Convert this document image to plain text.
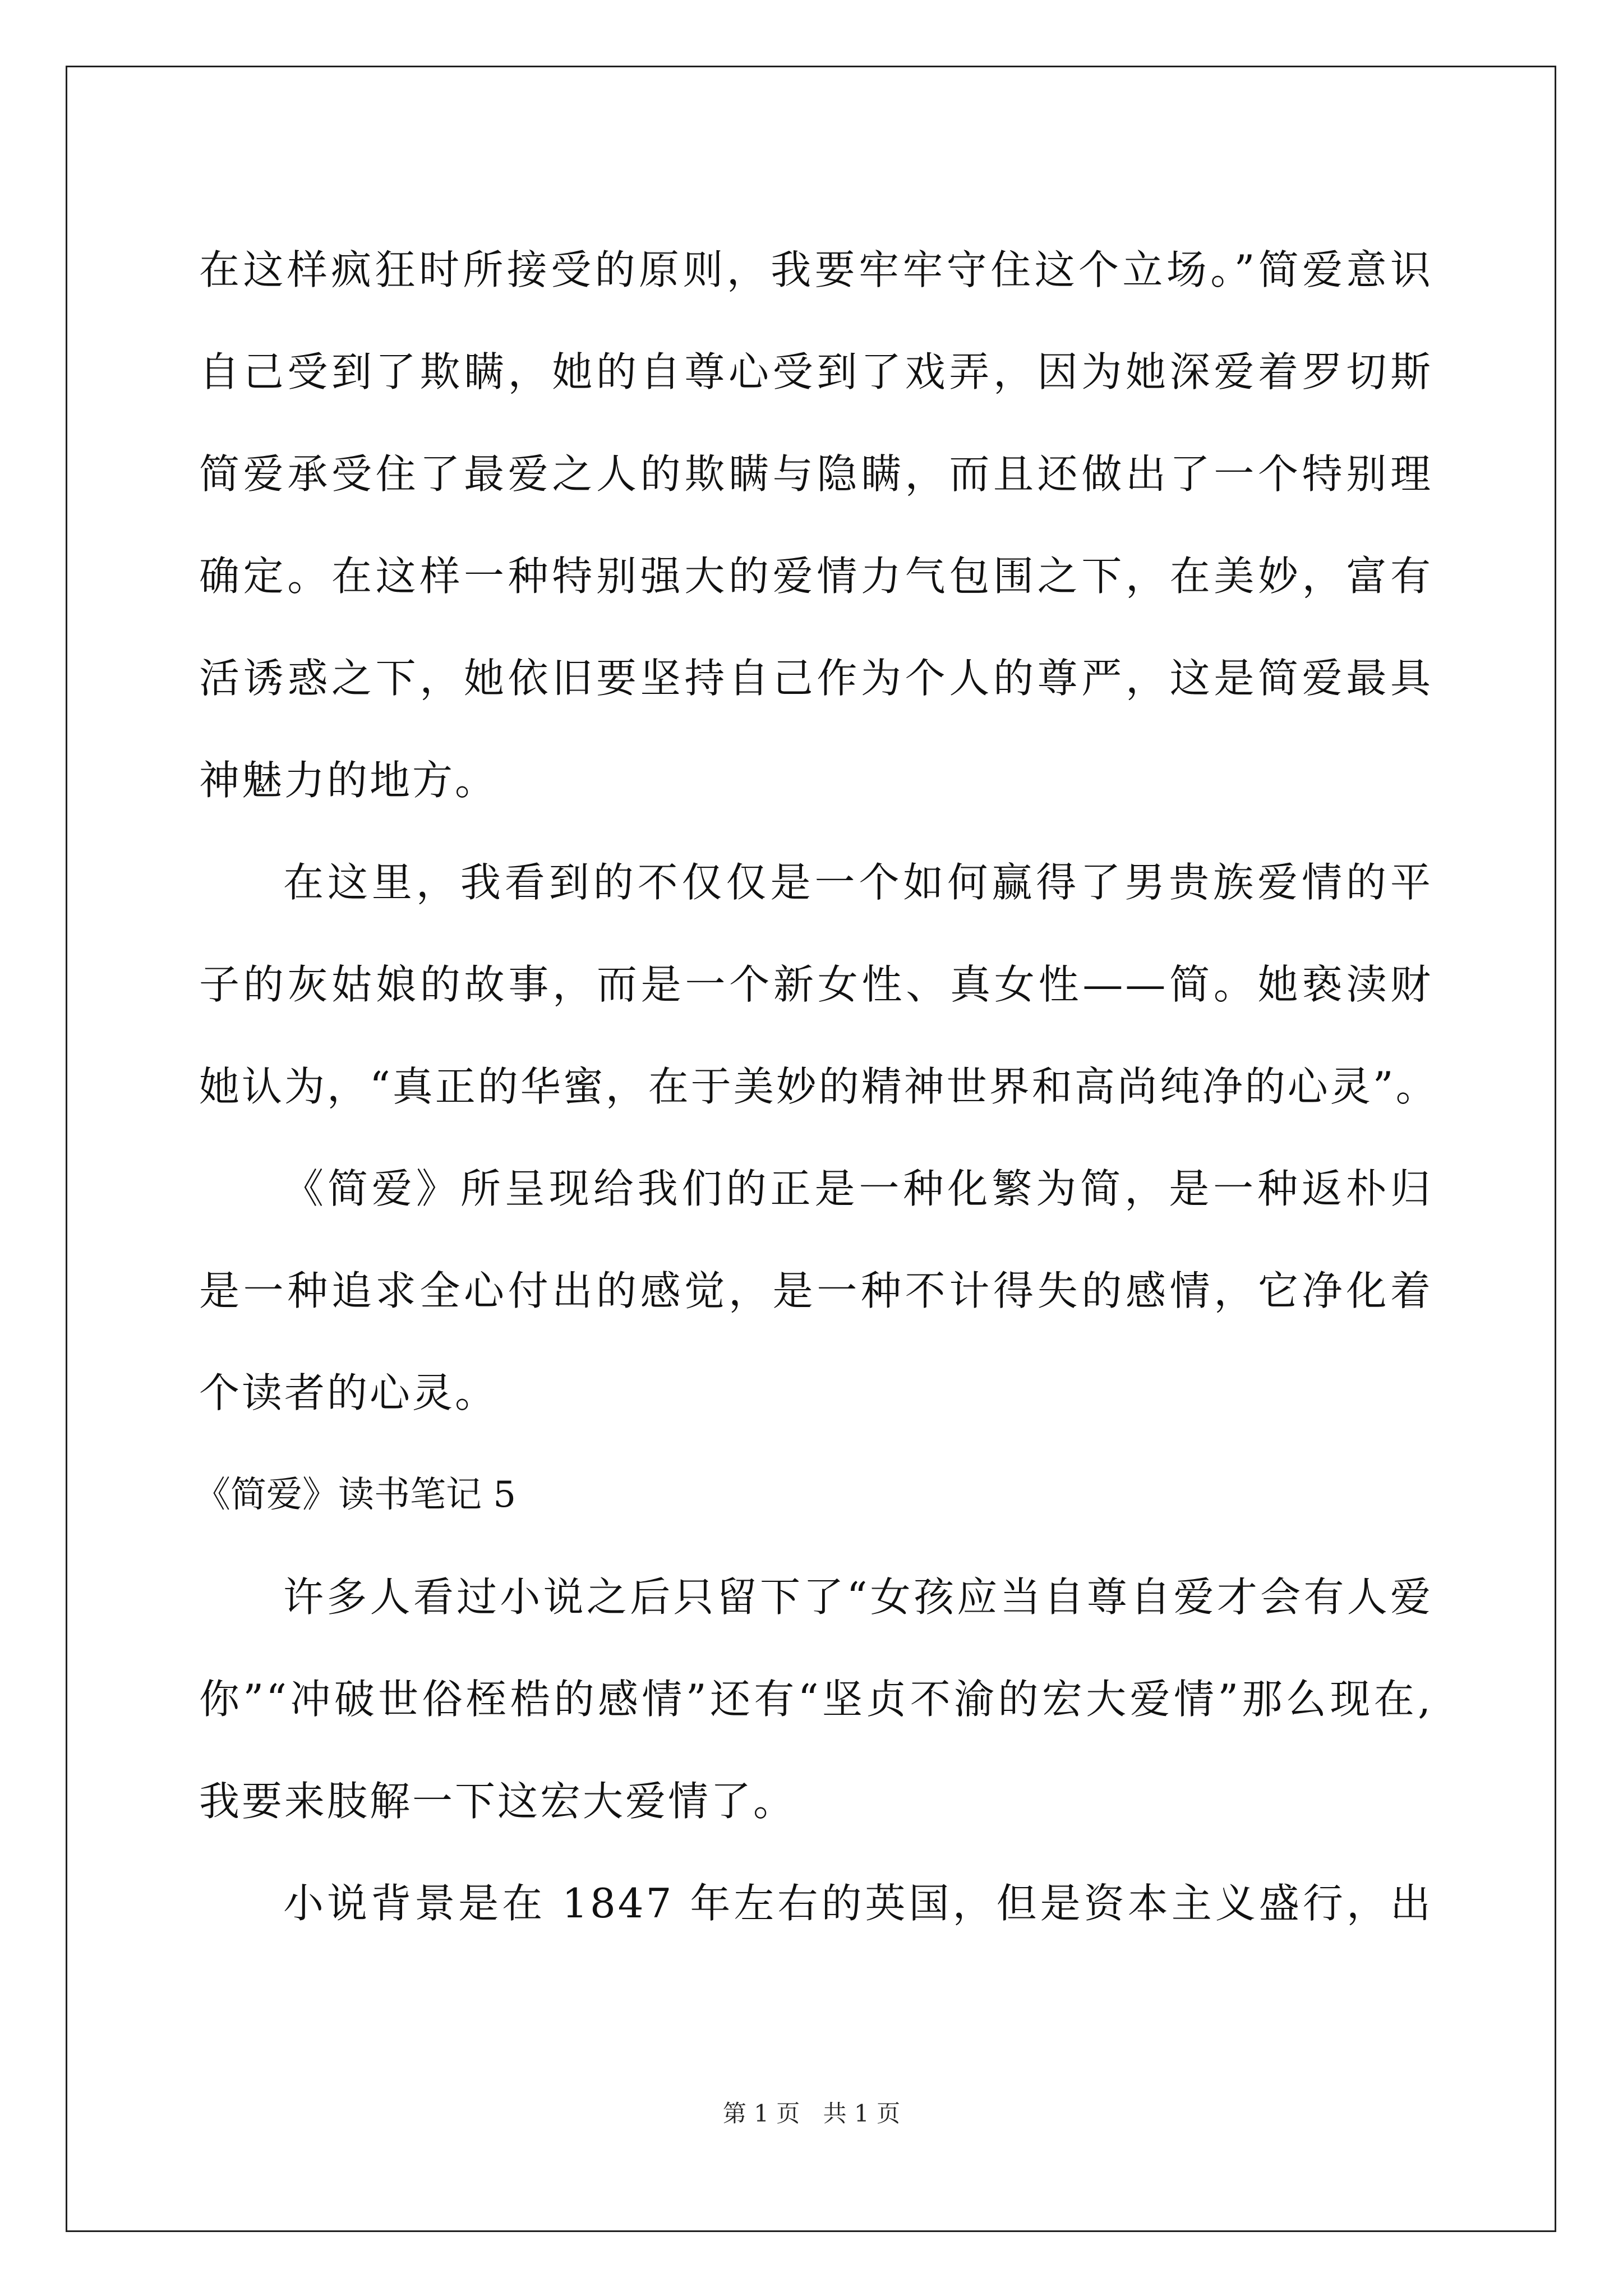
在这样疯狂时所接受的原则，我要牢牢守住这个立场。”简爱意识
自己受到了欺瞒，她的自尊心受到了戏弄，因为她深爱着罗切斯
简爱承受住了最爱之人的欺瞒与隐瞒，而且还做出了一个特别理
确定。在这样一种特别强大的爱情力气包围之下，在美妙，富有
活诱惑之下，她依旧要坚持自己作为个人的尊严，这是简爱最具
神魅力的地方。
在这里，我看到的不仅仅是一个如何赢得了男贵族爱情的平
子的灰姑娘的故事，而是一个新女性、真女性——简。她亵渎财
她认为，“真正的华蜜，在于美妙的精神世界和高尚纯净的心灵”。
《简爱》所呈现给我们的正是一种化繁为简，是一种返朴归
是一种追求全心付出的感觉，是一种不计得失的感情，它净化着
个读者的心灵。
《简爱》读书笔记 5
许多人看过小说之后只留下了“女孩应当自尊自爱才会有人爱
你”“冲破世俗桎梏的感情”还有“坚贞不渝的宏大爱情”那么现在,
我要来肢解一下这宏大爱情了。
小说背景是在 1847 年左右的英国，但是资本主义盛行，出
第 1 页 共 1 页
